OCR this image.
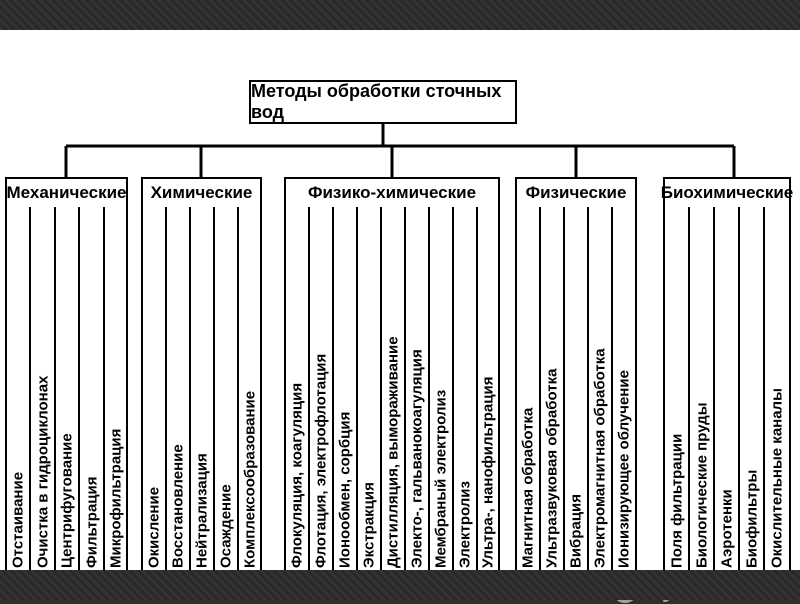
Методы обработки сточных вод
Механические
Отстаивание Очистка в гидроциклонах Центрифугование Фильтрация Микрофильтрация
Химические
Окисление Восстановление Нейтрализация Осаждение Комплексообразование
Физико-химические
Флокуляция, коагуляция Флотация, электрофлотация Ионообмен, сорбция Экстракция Дистилляция, вымораживание Электо-, гальванокоагуляция Мембраный электролиз Электролиз Ультра-, нанофильтрация
Физические
Магнитная обработка Ультразвуковая обработка Вибрация Электромагнитная обработка Ионизирующее облучение
Биохимические
Поля фильтрации Биологические пруды Аэротенки Биофильтры Окислительные каналы
